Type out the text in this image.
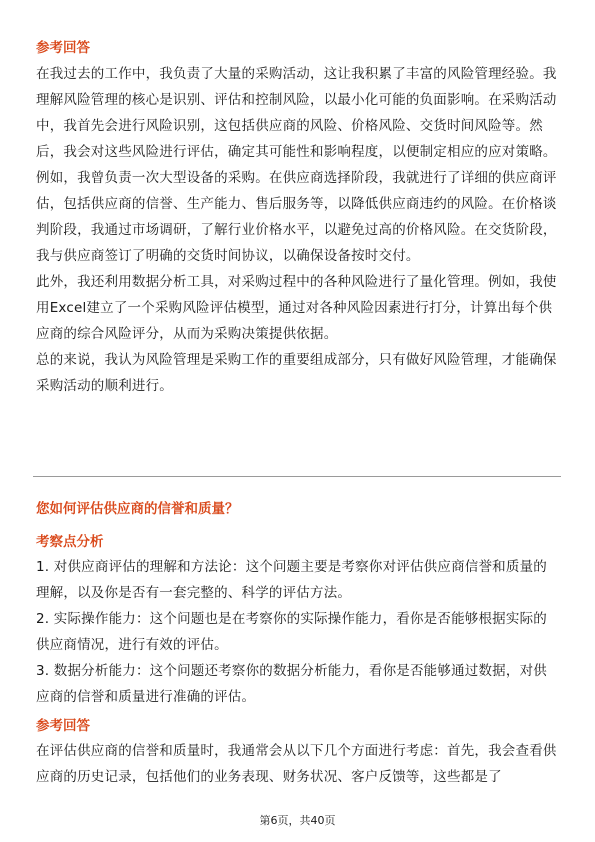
参考回答

在我过去的工作中，我负责了大量的采购活动，这让我积累了丰富的风险管理经验。我理解风险管理的核心是识别、评估和控制风险，以最小化可能的负面影响。在采购活动中，我首先会进行风险识别，这包括供应商的风险、价格风险、交货时间风险等。然后，我会对这些风险进行评估，确定其可能性和影响程度，以便制定相应的应对策略。

例如，我曾负责一次大型设备的采购。在供应商选择阶段，我就进行了详细的供应商评估，包括供应商的信誉、生产能力、售后服务等，以降低供应商违约的风险。在价格谈判阶段，我通过市场调研，了解行业价格水平，以避免过高的价格风险。在交货阶段，我与供应商签订了明确的交货时间协议，以确保设备按时交付。

此外，我还利用数据分析工具，对采购过程中的各种风险进行了量化管理。例如，我使用Excel建立了一个采购风险评估模型，通过对各种风险因素进行打分，计算出每个供应商的综合风险评分，从而为采购决策提供依据。

总的来说，我认为风险管理是采购工作的重要组成部分，只有做好风险管理，才能确保采购活动的顺利进行。

您如何评估供应商的信誉和质量？

考察点分析

1. 对供应商评估的理解和方法论：这个问题主要是考察你对评估供应商信誉和质量的理解，以及你是否有一套完整的、科学的评估方法。

2. 实际操作能力：这个问题也是在考察你的实际操作能力，看你是否能够根据实际的供应商情况，进行有效的评估。

3. 数据分析能力：这个问题还考察你的数据分析能力，看你是否能够通过数据，对供应商的信誉和质量进行准确的评估。

参考回答

在评估供应商的信誉和质量时，我通常会从以下几个方面进行考虑：首先，我会查看供应商的历史记录，包括他们的业务表现、财务状况、客户反馈等，这些都是了

第6页，共40页
